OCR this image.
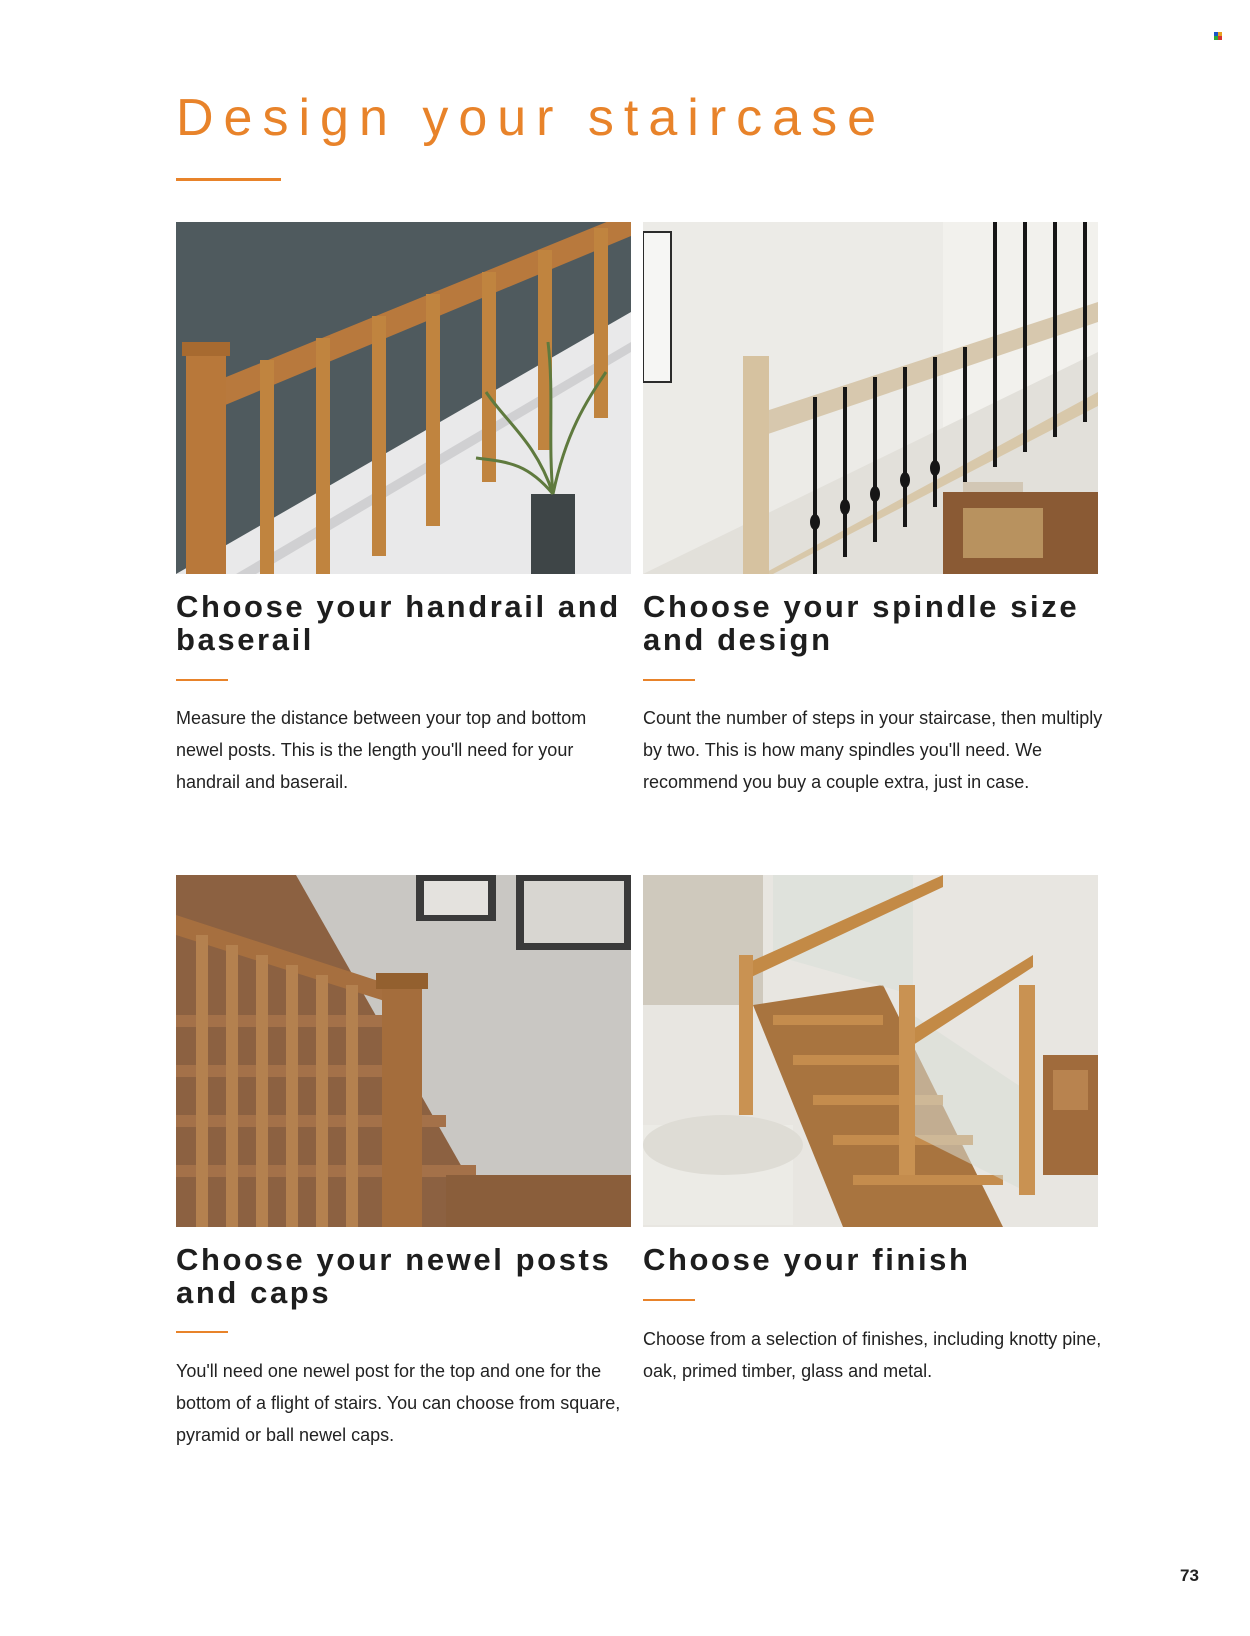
Design your staircase
Choose your handrail and baserail

Measure the distance between your top and bottom newel posts. This is the length you'll need for your handrail and baserail.

Choose your spindle size and design

Count the number of steps in your staircase, then multiply by two. This is how many spindles you'll need. We recommend you buy a couple extra, just in case.

Choose your newel posts and caps

You'll need one newel post for the top and one for the bottom of a flight of stairs. You can choose from square, pyramid or ball newel caps.

Choose your finish

Choose from a selection of finishes, including knotty pine, oak, primed timber, glass and metal.

73
